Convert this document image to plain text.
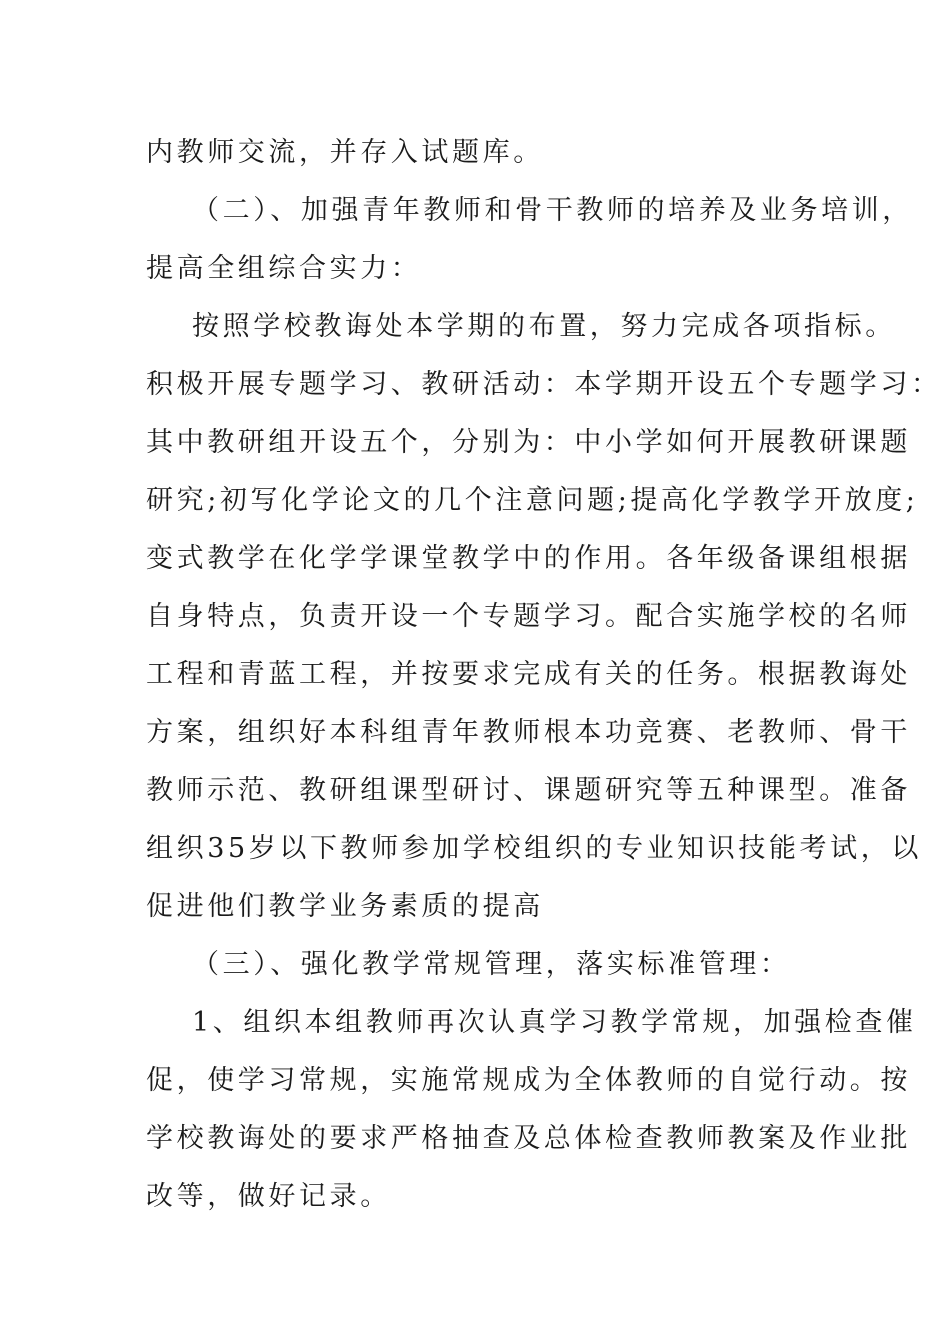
内教师交流，并存入试题库。
（二）、加强青年教师和骨干教师的培养及业务培训，
提高全组综合实力：
按照学校教诲处本学期的布置，努力完成各项指标。
积极开展专题学习、教研活动：本学期开设五个专题学习：
其中教研组开设五个，分别为：中小学如何开展教研课题
研究;初写化学论文的几个注意问题;提高化学教学开放度;
变式教学在化学学课堂教学中的作用。各年级备课组根据
自身特点，负责开设一个专题学习。配合实施学校的名师
工程和青蓝工程，并按要求完成有关的任务。根据教诲处
方案，组织好本科组青年教师根本功竞赛、老教师、骨干
教师示范、教研组课型研讨、课题研究等五种课型。准备
组织35岁以下教师参加学校组织的专业知识技能考试，以
促进他们教学业务素质的提高
（三）、强化教学常规管理，落实标准管理：
1、组织本组教师再次认真学习教学常规，加强检查催
促，使学习常规，实施常规成为全体教师的自觉行动。按
学校教诲处的要求严格抽查及总体检查教师教案及作业批
改等，做好记录。
